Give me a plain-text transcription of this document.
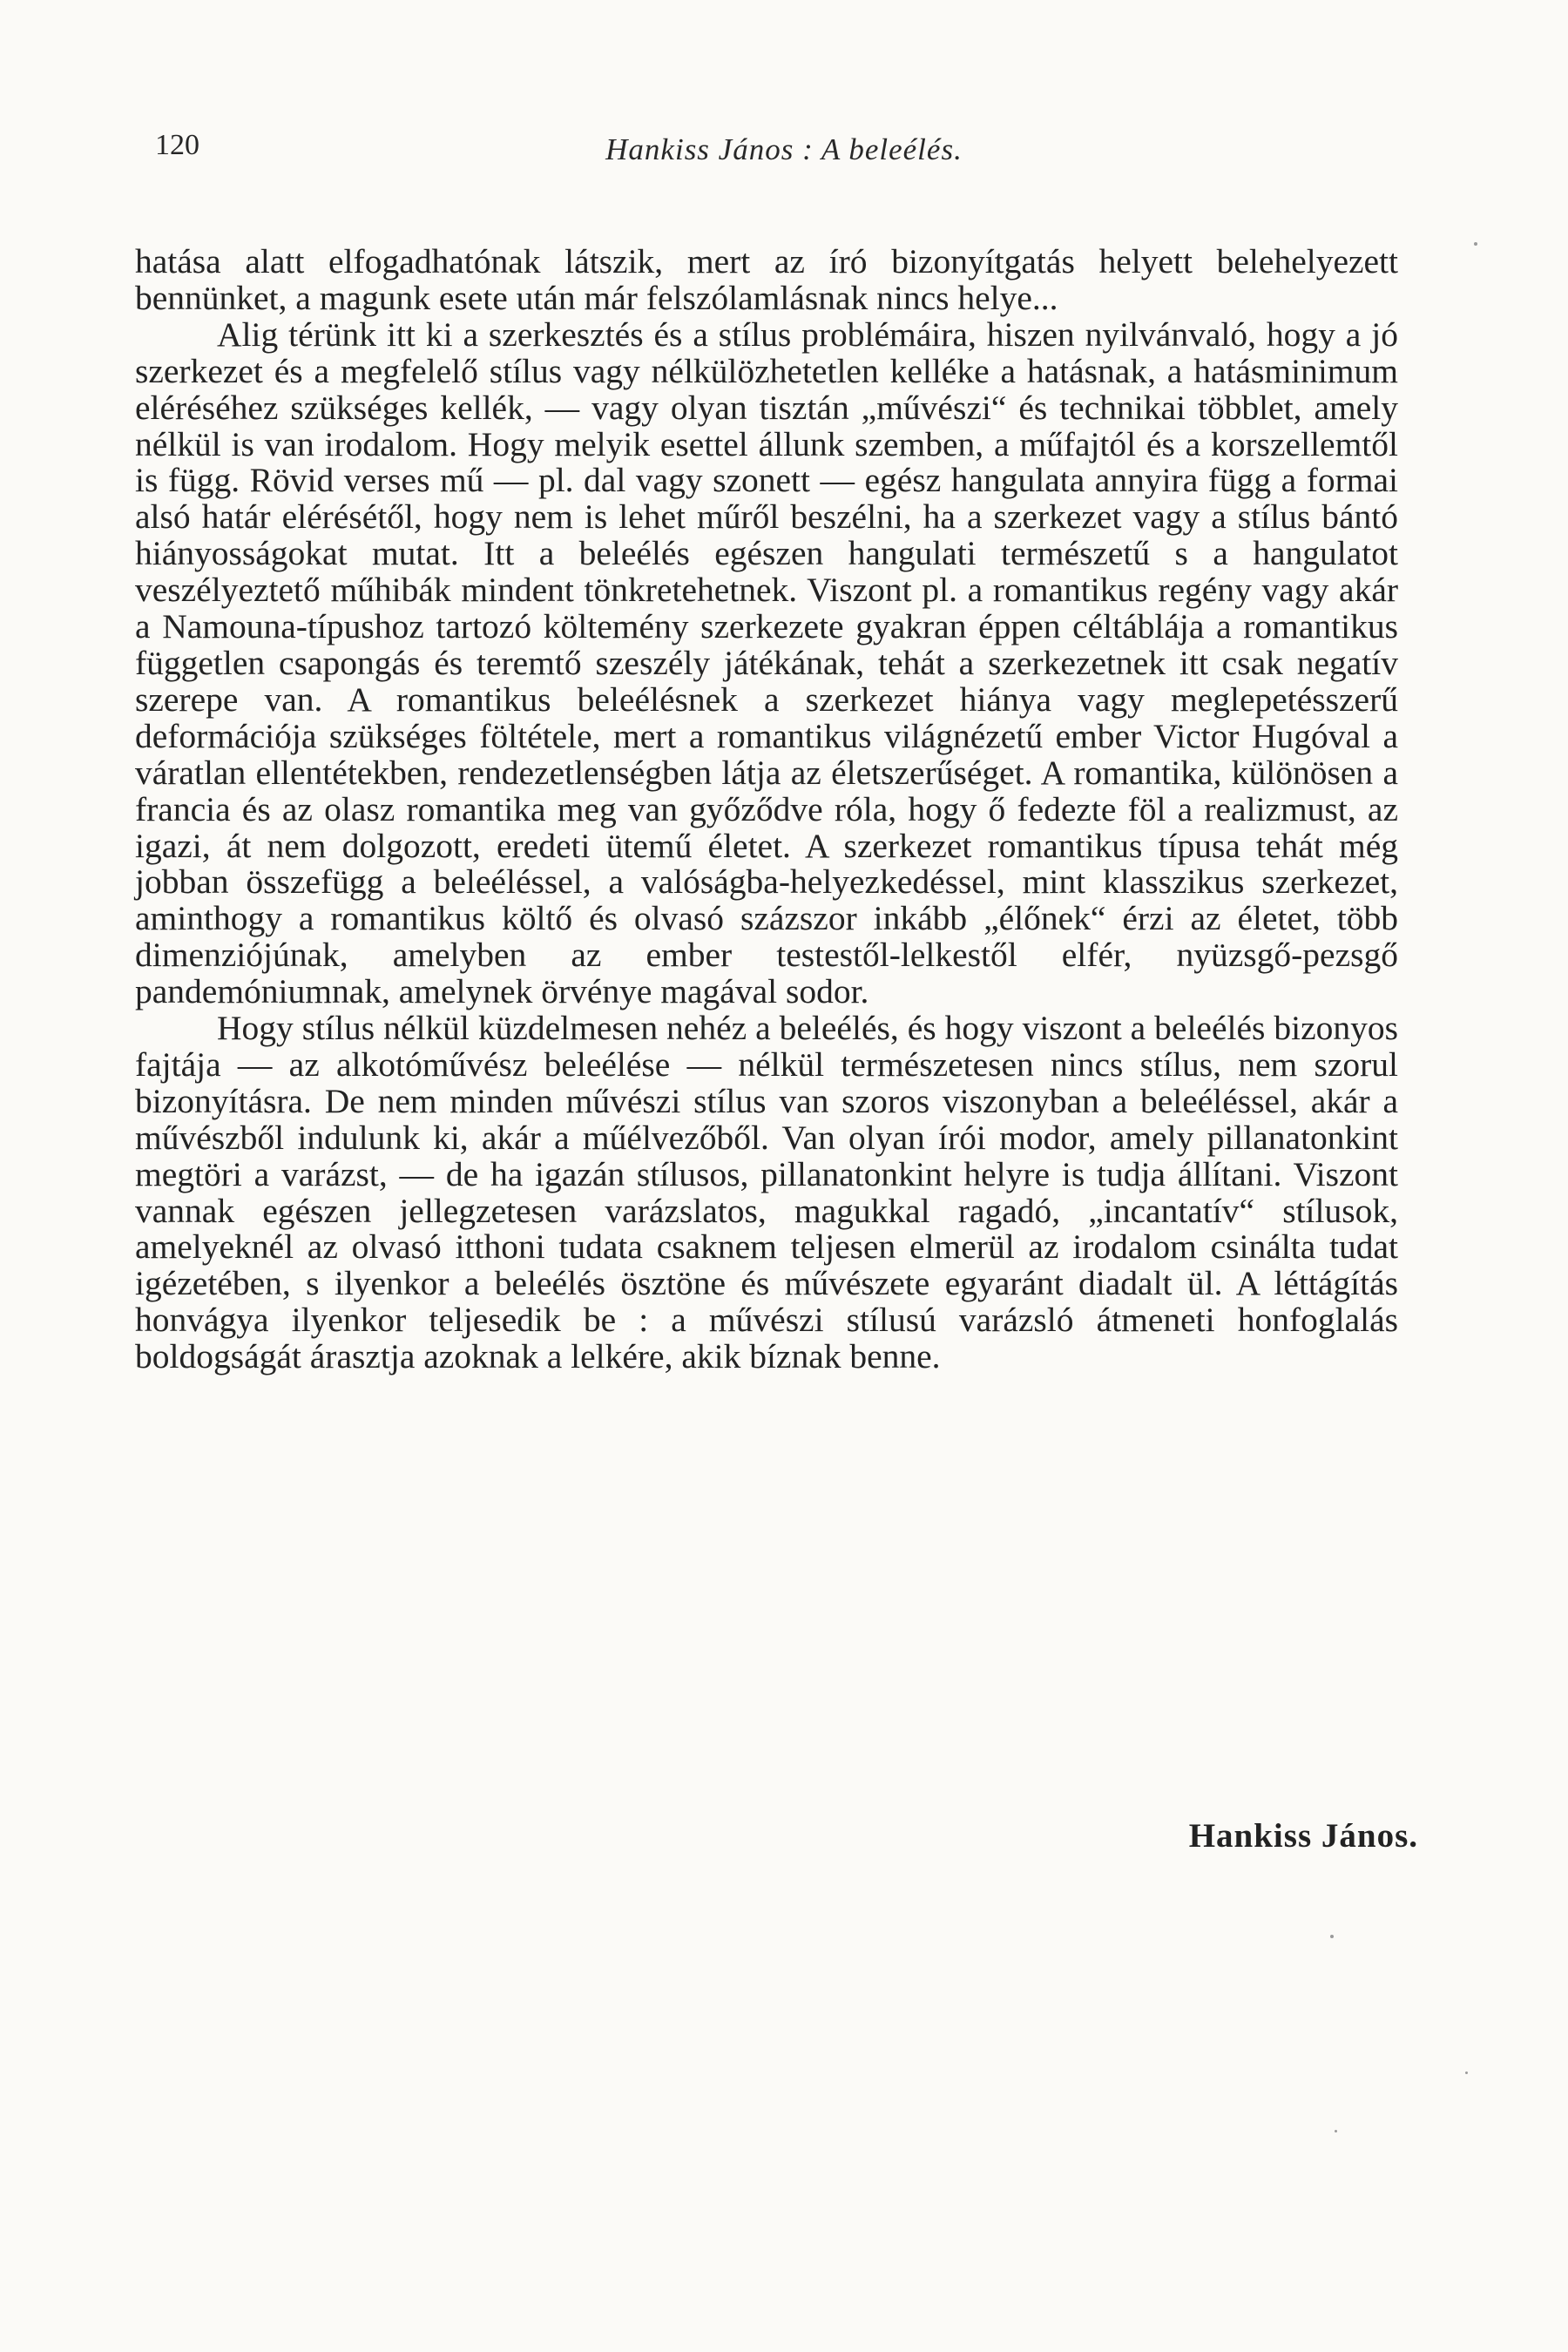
120	Hankiss János : A beleélés.

hatása alatt elfogadhatónak látszik, mert az író bizonyítgatás helyett belehelyezett bennünket, a magunk esete után már felszólamlásnak nincs helye...

Alig térünk itt ki a szerkesztés és a stílus problémáira, hiszen nyilvánvaló, hogy a jó szerkezet és a megfelelő stílus vagy nélkülözhetetlen kelléke a hatásnak, a hatásminimum eléréséhez szükséges kellék, — vagy olyan tisztán „művészi“ és technikai többlet, amely nélkül is van irodalom. Hogy melyik esettel állunk szemben, a műfajtól és a korszellemtől is függ. Rövid verses mű — pl. dal vagy szonett — egész hangulata annyira függ a formai alsó határ elérésétől, hogy nem is lehet műről beszélni, ha a szerkezet vagy a stílus bántó hiányosságokat mutat. Itt a beleélés egészen hangulati természetű s a hangulatot veszélyeztető műhibák mindent tönkretehetnek. Viszont pl. a romantikus regény vagy akár a Namouna-típushoz tartozó költemény szerkezete gyakran éppen céltáblája a romantikus független csapongás és teremtő szeszély játékának, tehát a szerkezetnek itt csak negatív szerepe van. A romantikus beleélésnek a szerkezet hiánya vagy meglepetésszerű deformációja szükséges föltétele, mert a romantikus világnézetű ember Victor Hugóval a váratlan ellentétekben, rendezetlenségben látja az életszerűséget. A romantika, különösen a francia és az olasz romantika meg van győződve róla, hogy ő fedezte föl a realizmust, az igazi, át nem dolgozott, eredeti ütemű életet. A szerkezet romantikus típusa tehát még jobban összefügg a beleéléssel, a valóságba-helyezkedéssel, mint klasszikus szerkezet, aminthogy a romantikus költő és olvasó százszor inkább „élőnek“ érzi az életet, több dimenziójúnak, amelyben az ember testestől-lelkestől elfér, nyüzsgő-pezsgő pandemóniumnak, amelynek örvénye magával sodor.

Hogy stílus nélkül küzdelmesen nehéz a beleélés, és hogy viszont a beleélés bizonyos fajtája — az alkotóművész beleélése — nélkül természetesen nincs stílus, nem szorul bizonyításra. De nem minden művészi stílus van szoros viszonyban a beleéléssel, akár a művészből indulunk ki, akár a műélvezőből. Van olyan írói modor, amely pillanatonkint megtöri a varázst, — de ha igazán stílusos, pillanatonkint helyre is tudja állítani. Viszont vannak egészen jellegzetesen varázslatos, magukkal ragadó, „incantatív“ stílusok, amelyeknél az olvasó itthoni tudata csaknem teljesen elmerül az irodalom csinálta tudat igézetében, s ilyenkor a beleélés ösztöne és művészete egyaránt diadalt ül. A léttágítás honvágya ilyenkor teljesedik be : a művészi stílusú varázsló átmeneti honfoglalás boldogságát árasztja azoknak a lelkére, akik bíznak benne.

Hankiss János.
